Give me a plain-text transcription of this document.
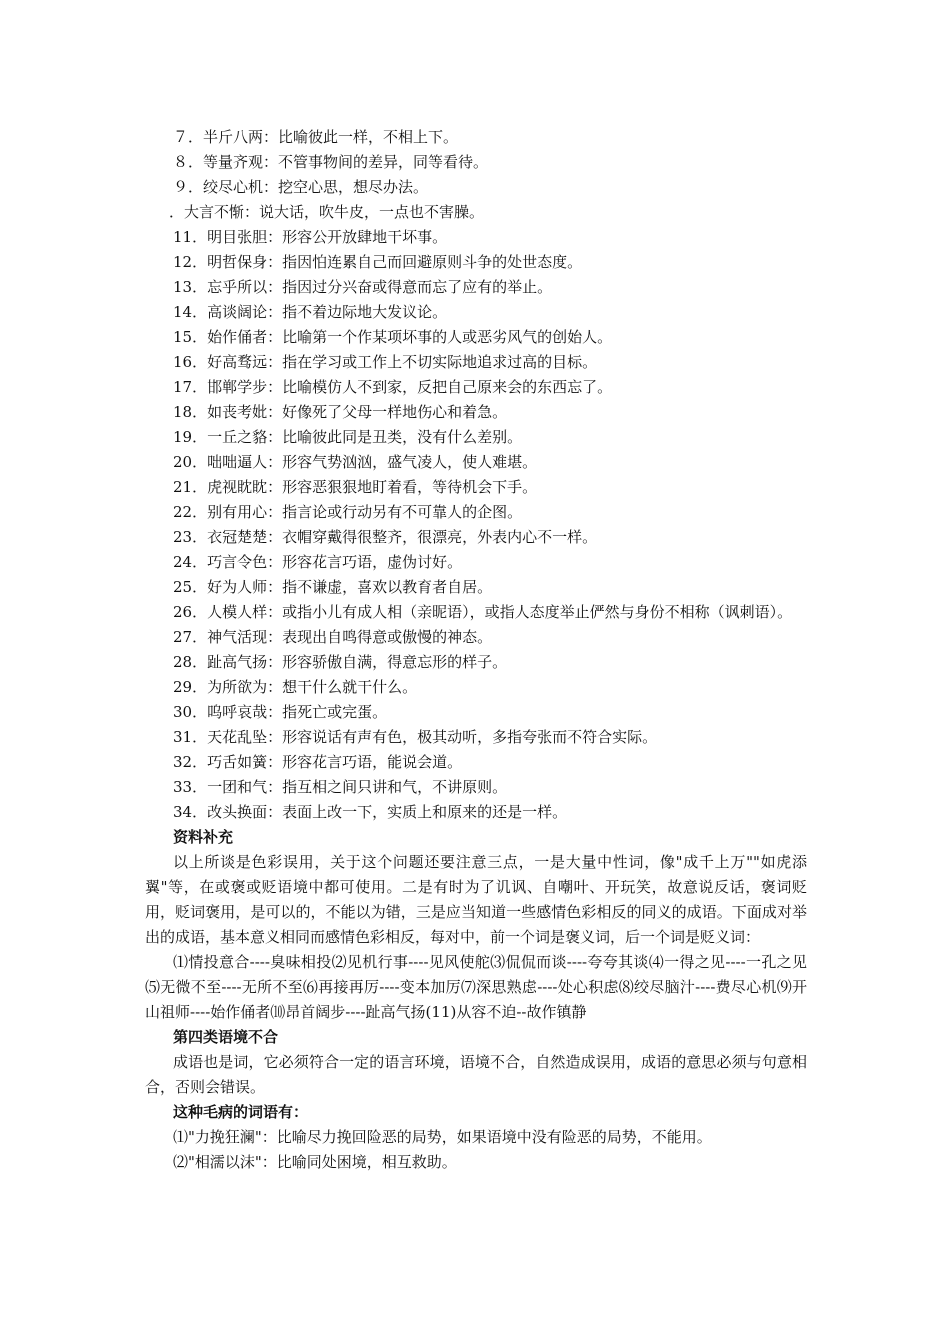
７．半斤八两：比喻彼此一样，不相上下。
８．等量齐观：不管事物间的差异，同等看待。
９．绞尽心机：挖空心思，想尽办法。
．大言不惭：说大话，吹牛皮，一点也不害臊。
11．明目张胆：形容公开放肆地干坏事。
12．明哲保身：指因怕连累自己而回避原则斗争的处世态度。
13．忘乎所以：指因过分兴奋或得意而忘了应有的举止。
14．高谈阔论：指不着边际地大发议论。
15．始作俑者：比喻第一个作某项坏事的人或恶劣风气的创始人。
16．好高骛远：指在学习或工作上不切实际地追求过高的目标。
17．邯郸学步：比喻模仿人不到家，反把自己原来会的东西忘了。
18．如丧考妣：好像死了父母一样地伤心和着急。
19．一丘之貉：比喻彼此同是丑类，没有什么差别。
20．咄咄逼人：形容气势汹汹，盛气凌人，使人难堪。
21．虎视眈眈：形容恶狠狠地盯着看，等待机会下手。
22．别有用心：指言论或行动另有不可靠人的企图。
23．衣冠楚楚：衣帽穿戴得很整齐，很漂亮，外表内心不一样。
24．巧言令色：形容花言巧语，虚伪讨好。
25．好为人师：指不谦虚，喜欢以教育者自居。
26．人模人样：或指小儿有成人相（亲昵语），或指人态度举止俨然与身份不相称（讽刺语）。
27．神气活现：表现出自鸣得意或傲慢的神态。
28．趾高气扬：形容骄傲自满，得意忘形的样子。
29．为所欲为：想干什么就干什么。
30．呜呼哀哉：指死亡或完蛋。
31．天花乱坠：形容说话有声有色，极其动听，多指夸张而不符合实际。
32．巧舌如簧：形容花言巧语，能说会道。
33．一团和气：指互相之间只讲和气，不讲原则。
34．改头换面：表面上改一下，实质上和原来的还是一样。
资料补充
以上所谈是色彩误用，关于这个问题还要注意三点，一是大量中性词，像"成千上万""如虎添翼"等，在或褒或贬语境中都可使用。二是有时为了讥讽、自嘲叶、开玩笑，故意说反话，褒词贬用，贬词褒用，是可以的，不能以为错，三是应当知道一些感情色彩相反的同义的成语。下面成对举出的成语，基本意义相同而感情色彩相反，每对中，前一个词是褒义词，后一个词是贬义词：
⑴情投意合----臭味相投⑵见机行事----见风使舵⑶侃侃而谈----夸夸其谈⑷一得之见----一孔之见⑸无微不至----无所不至⑹再接再厉----变本加厉⑺深思熟虑----处心积虑⑻绞尽脑汁----费尽心机⑼开山祖师----始作俑者⑽昂首阔步----趾高气扬(11)从容不迫--故作镇静
第四类语境不合
成语也是词，它必须符合一定的语言环境，语境不合，自然造成误用，成语的意思必须与句意相合，否则会错误。
这种毛病的词语有：
⑴"力挽狂澜"：比喻尽力挽回险恶的局势，如果语境中没有险恶的局势，不能用。
⑵"相濡以沫"：比喻同处困境，相互救助。
